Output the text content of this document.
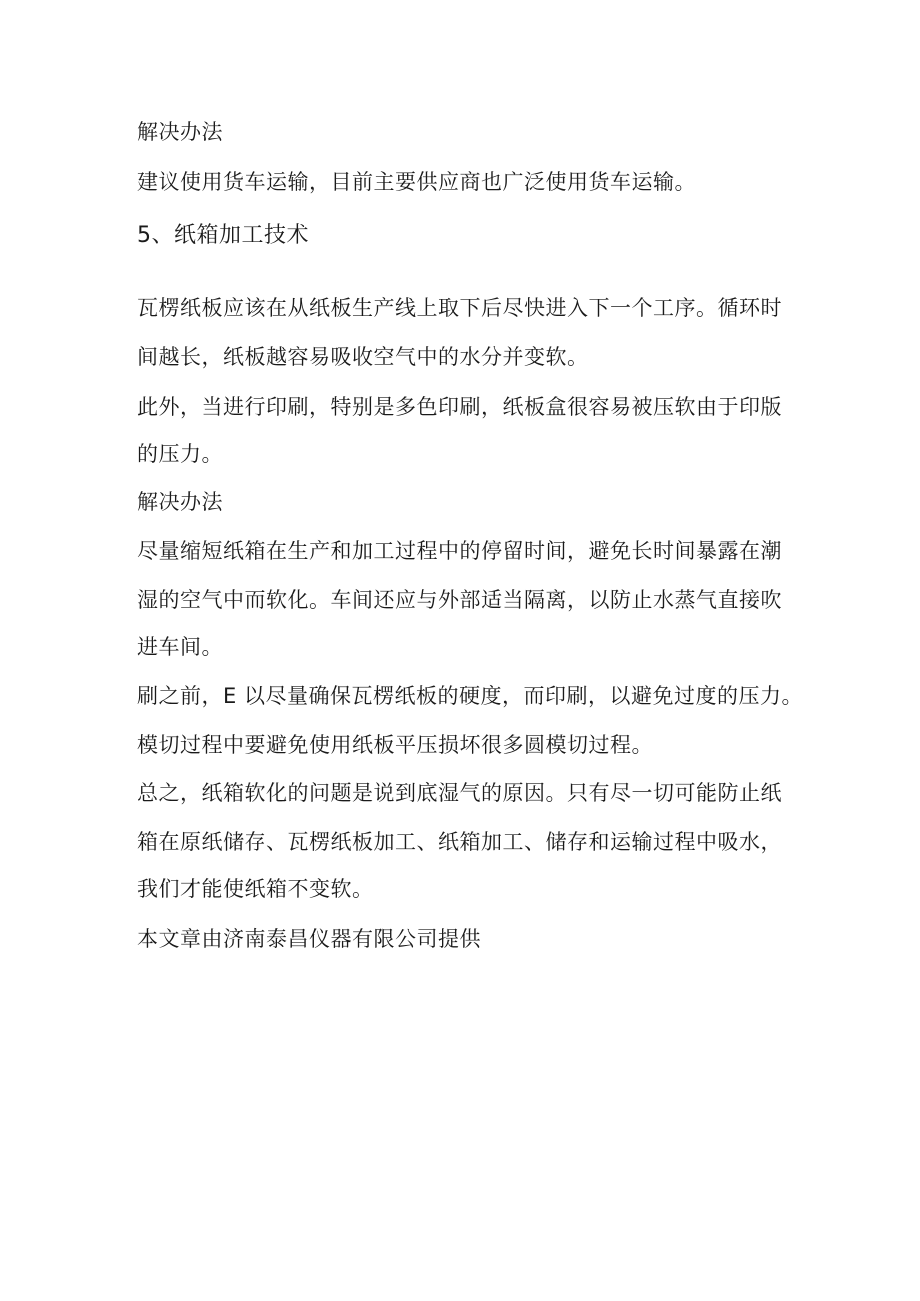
解决办法
建议使用货车运输，目前主要供应商也广泛使用货车运输。
5、纸箱加工技术
瓦楞纸板应该在从纸板生产线上取下后尽快进入下一个工序。循环时
间越长，纸板越容易吸收空气中的水分并变软。
此外，当进行印刷，特别是多色印刷，纸板盒很容易被压软由于印版
的压力。
解决办法
尽量缩短纸箱在生产和加工过程中的停留时间，避免长时间暴露在潮
湿的空气中而软化。车间还应与外部适当隔离，以防止水蒸气直接吹
进车间。
刷之前，E 以尽量确保瓦楞纸板的硬度，而印刷，以避免过度的压力。
模切过程中要避免使用纸板平压损坏很多圆模切过程。
总之，纸箱软化的问题是说到底湿气的原因。只有尽一切可能防止纸
箱在原纸储存、瓦楞纸板加工、纸箱加工、储存和运输过程中吸水，
我们才能使纸箱不变软。
本文章由济南泰昌仪器有限公司提供
